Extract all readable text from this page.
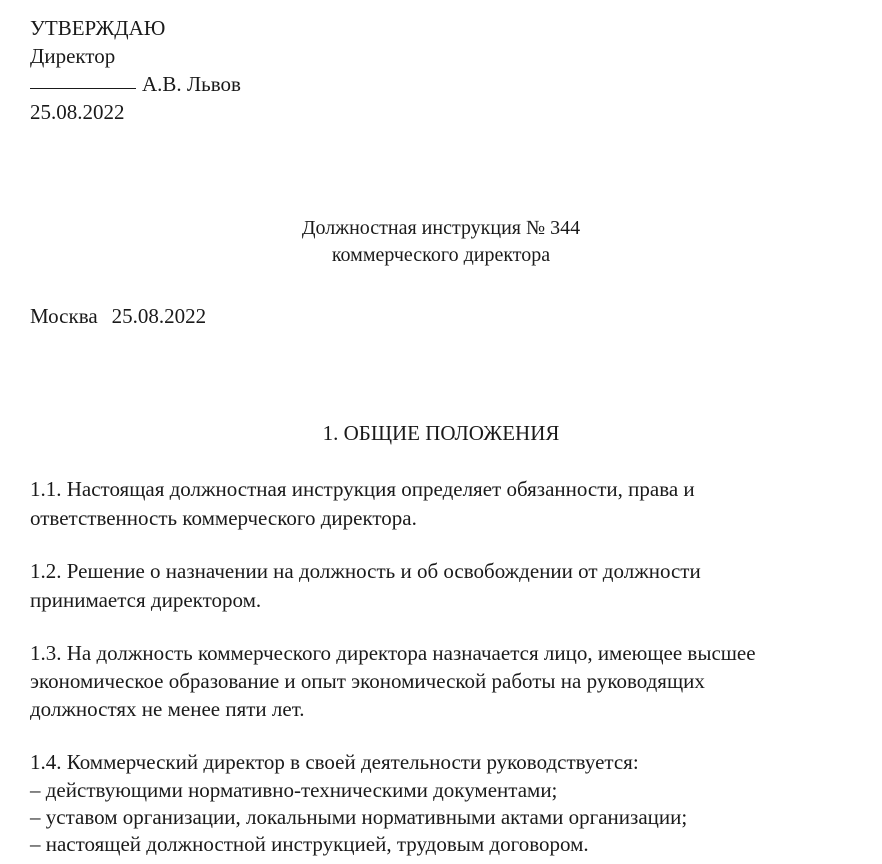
УТВЕРЖДАЮ
Директор
А.В. Львов
25.08.2022
Должностная инструкция № 344
коммерческого директора
Москва 25.08.2022
1. ОБЩИЕ ПОЛОЖЕНИЯ
1.1. Настоящая должностная инструкция определяет обязанности, права и
ответственность коммерческого директора.
1.2. Решение о назначении на должность и об освобождении от должности
принимается директором.
1.3. На должность коммерческого директора назначается лицо, имеющее высшее
экономическое образование и опыт экономической работы на руководящих
должностях не менее пяти лет.
1.4. Коммерческий директор в своей деятельности руководствуется:
– действующими нормативно-техническими документами;
– уставом организации, локальными нормативными актами организации;
– настоящей должностной инструкцией, трудовым договором.
